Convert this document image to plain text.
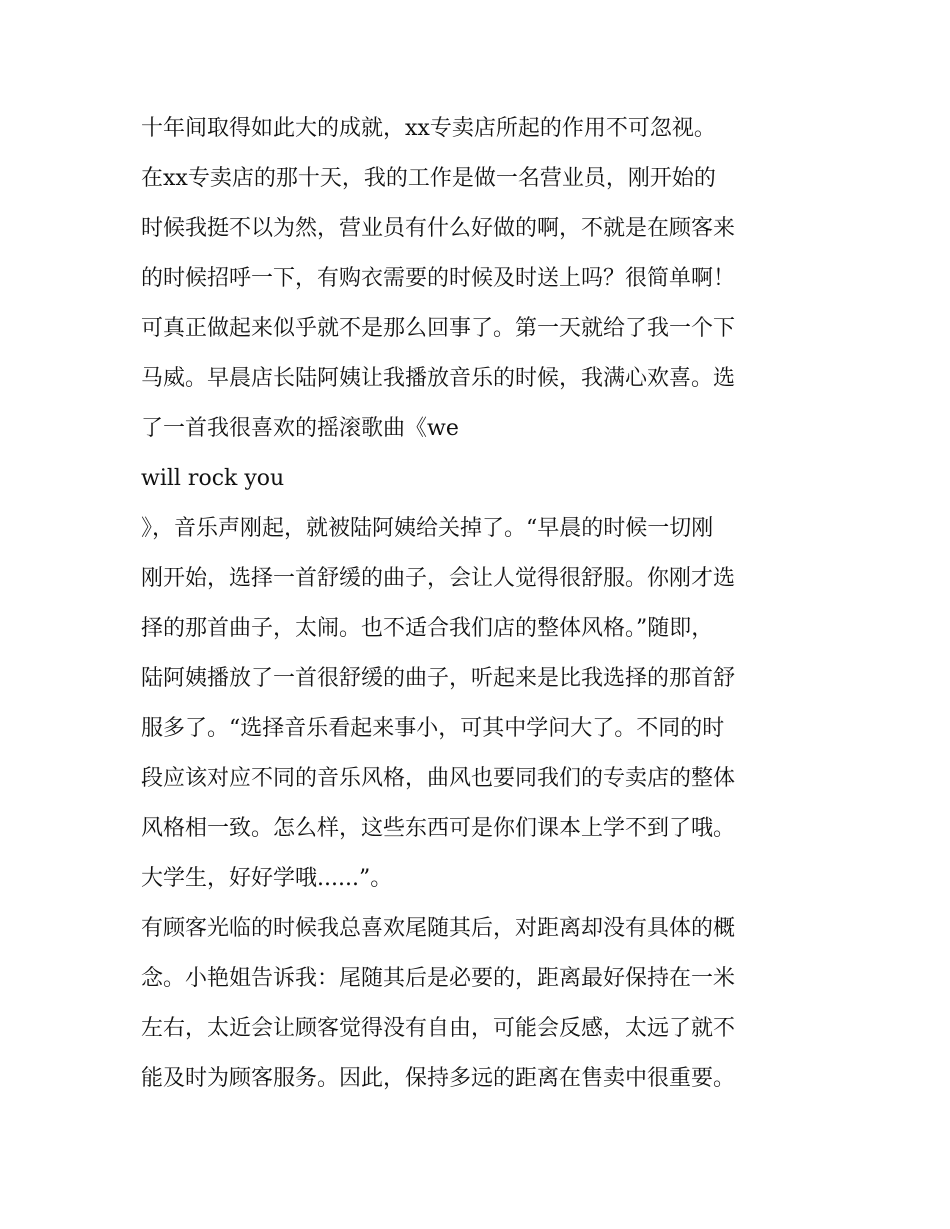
十年间取得如此大的成就，xx专卖店所起的作用不可忽视。
在xx专卖店的那十天，我的工作是做一名营业员，刚开始的
时候我挺不以为然，营业员有什么好做的啊，不就是在顾客来
的时候招呼一下，有购衣需要的时候及时送上吗？很简单啊！
可真正做起来似乎就不是那么回事了。第一天就给了我一个下
马威。早晨店长陆阿姨让我播放音乐的时候，我满心欢喜。选
了一首我很喜欢的摇滚歌曲《we
will rock you
》，音乐声刚起，就被陆阿姨给关掉了。“早晨的时候一切刚
刚开始，选择一首舒缓的曲子，会让人觉得很舒服。你刚才选
择的那首曲子，太闹。也不适合我们店的整体风格。”随即，
陆阿姨播放了一首很舒缓的曲子，听起来是比我选择的那首舒
服多了。“选择音乐看起来事小，可其中学问大了。不同的时
段应该对应不同的音乐风格，曲风也要同我们的专卖店的整体
风格相一致。怎么样，这些东西可是你们课本上学不到了哦。
大学生，好好学哦......”。
有顾客光临的时候我总喜欢尾随其后，对距离却没有具体的概
念。小艳姐告诉我：尾随其后是必要的，距离最好保持在一米
左右，太近会让顾客觉得没有自由，可能会反感，太远了就不
能及时为顾客服务。因此，保持多远的距离在售卖中很重要。
